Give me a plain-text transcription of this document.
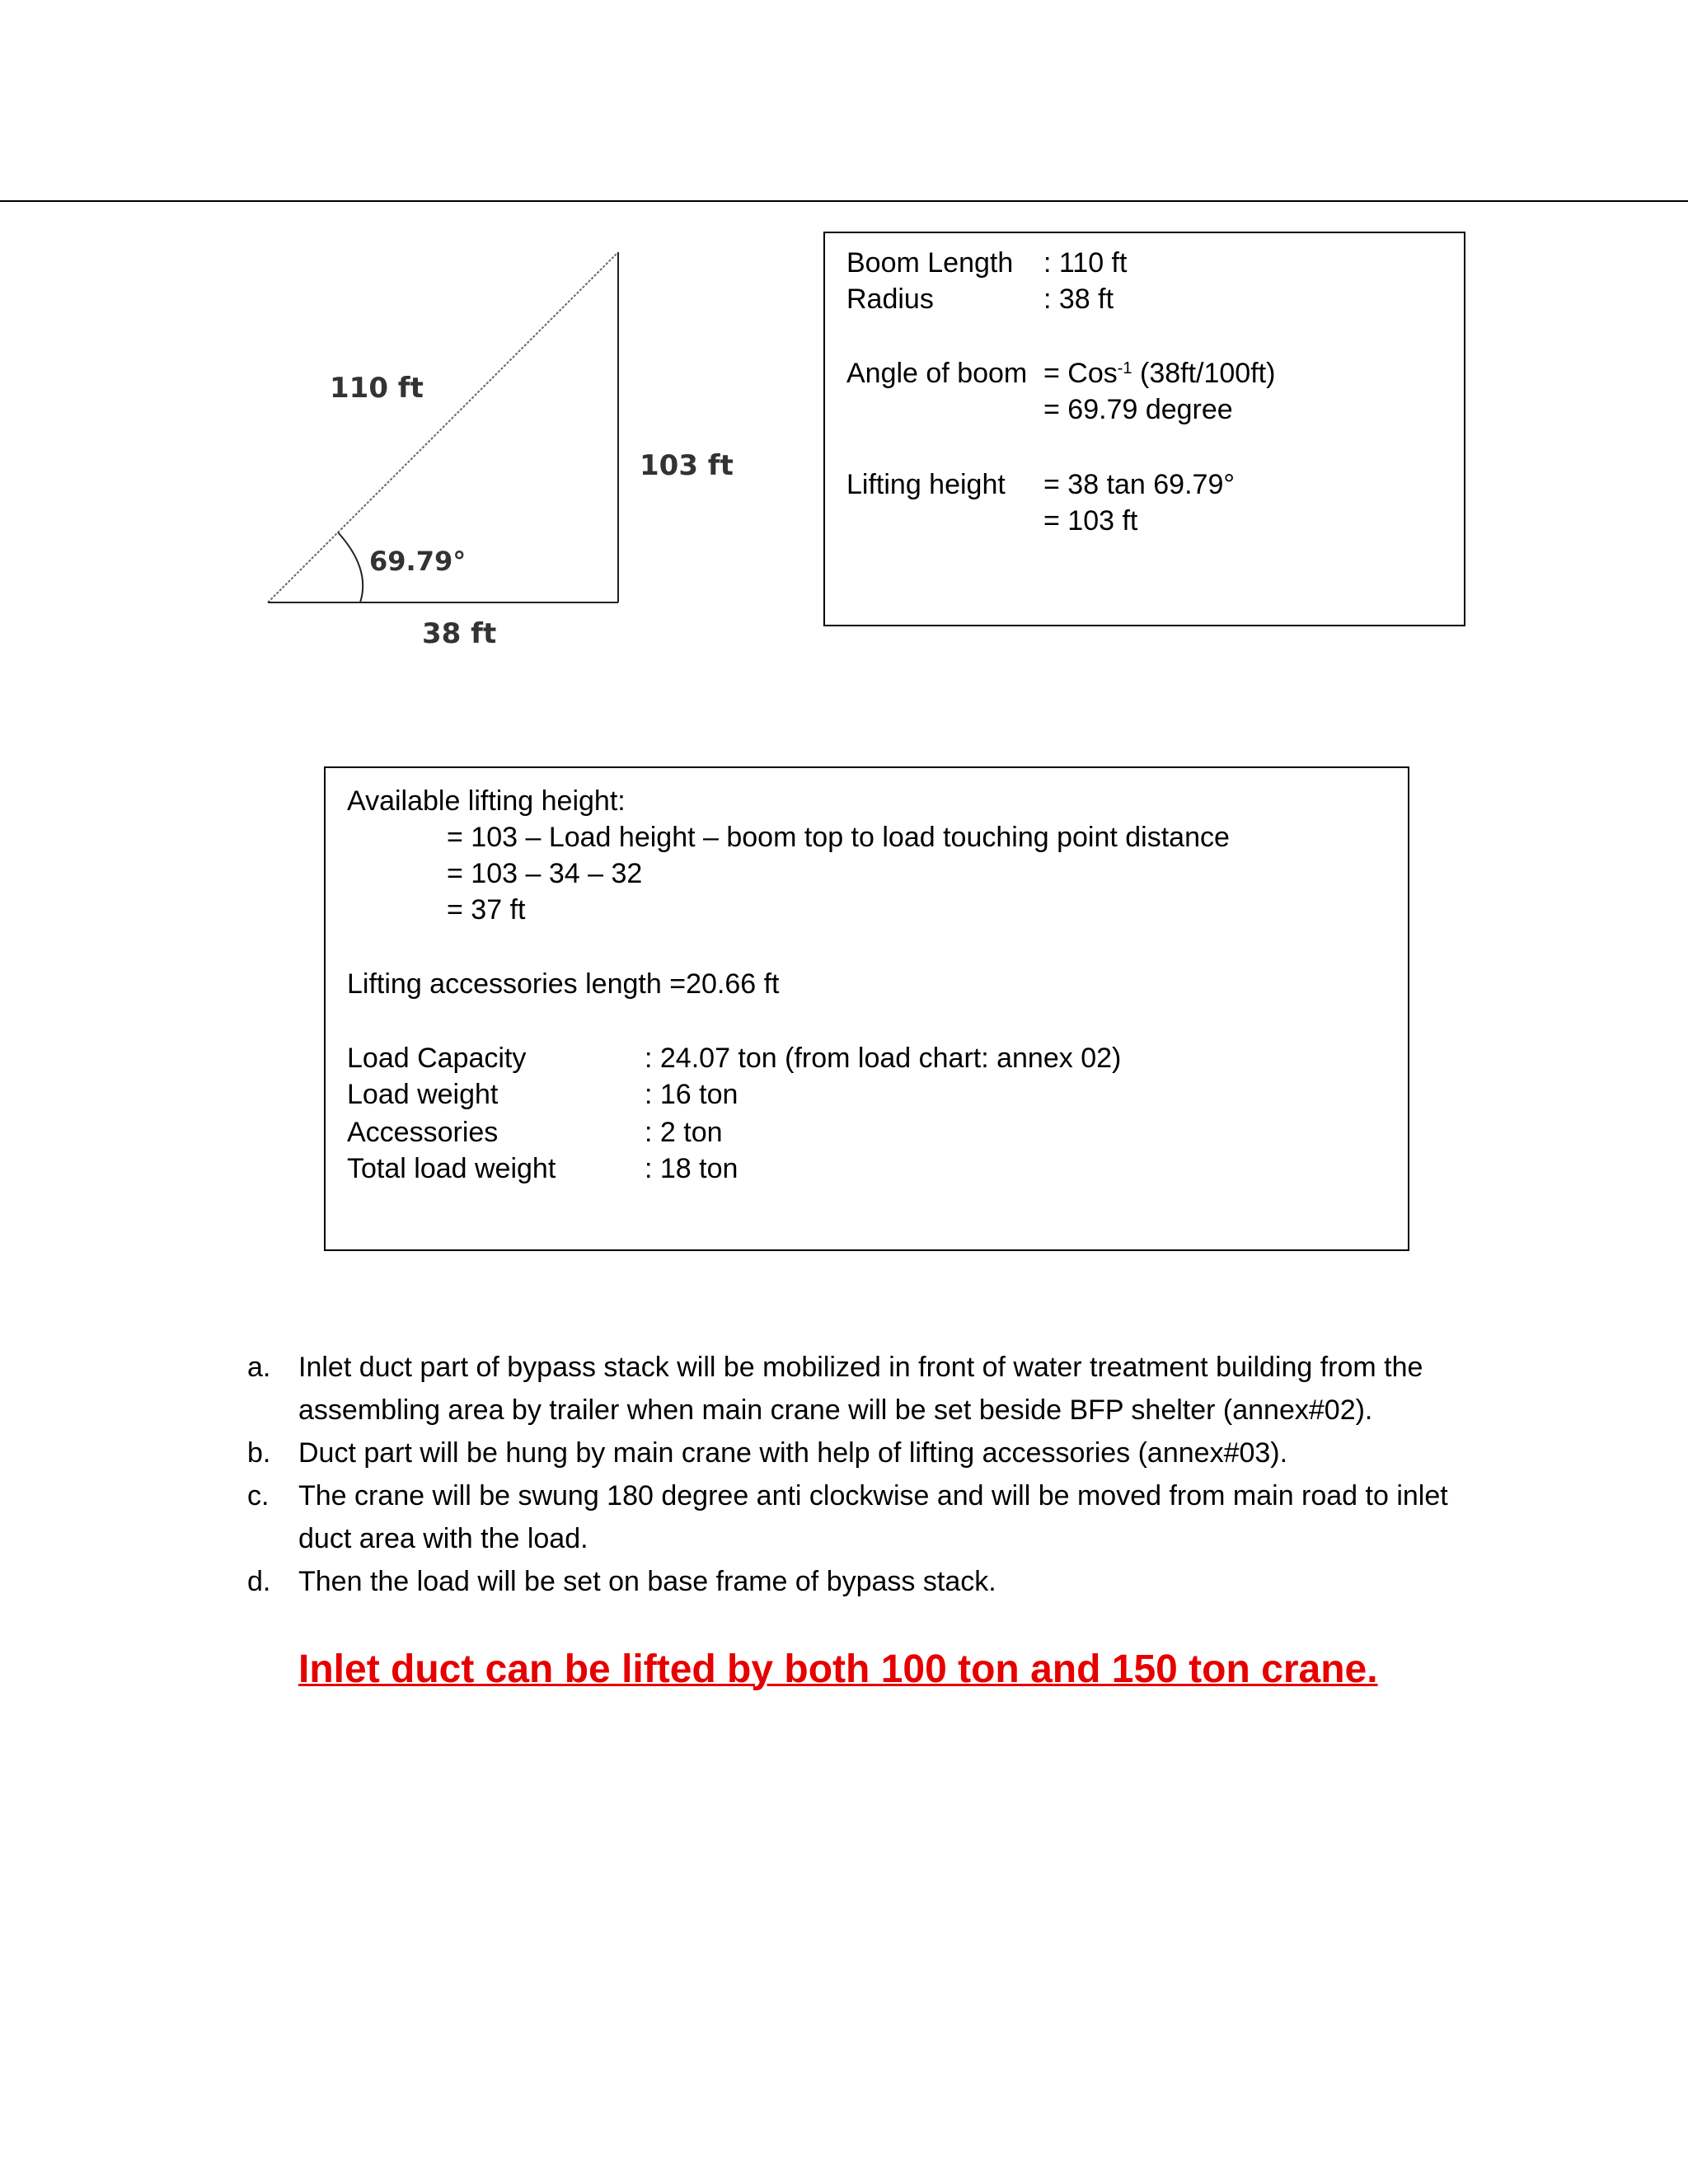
110 ft
103 ft
69.79°
38 ft
Boom Length : 110 ft
Radius	: 38 ft
Angle of boom = Cos$^{-1}$ (38ft/100ft)
= 69.79 degree
Lifting height = 38 tan 69.79°
= 103 ft
Available lifting height:
= 103 – Load height – boom top to load touching point distance
= 103 – 34 – 32
= 37 ft
Lifting accessories length =20.66 ft
Load Capacity	: 24.07 ton (from load chart: annex 02)
Load weight	: 16 ton
Accessories	: 2 ton
Total load weight	: 18 ton
a. Inlet duct part of bypass stack will be mobilized in front of water treatment building from the assembling area by trailer when main crane will be set beside BFP shelter (annex#02).
b. Duct part will be hung by main crane with help of lifting accessories (annex#03).
c. The crane will be swung 180 degree anti clockwise and will be moved from main road to inlet duct area with the load.
d. Then the load will be set on base frame of bypass stack.
Inlet duct can be lifted by both 100 ton and 150 ton crane.
